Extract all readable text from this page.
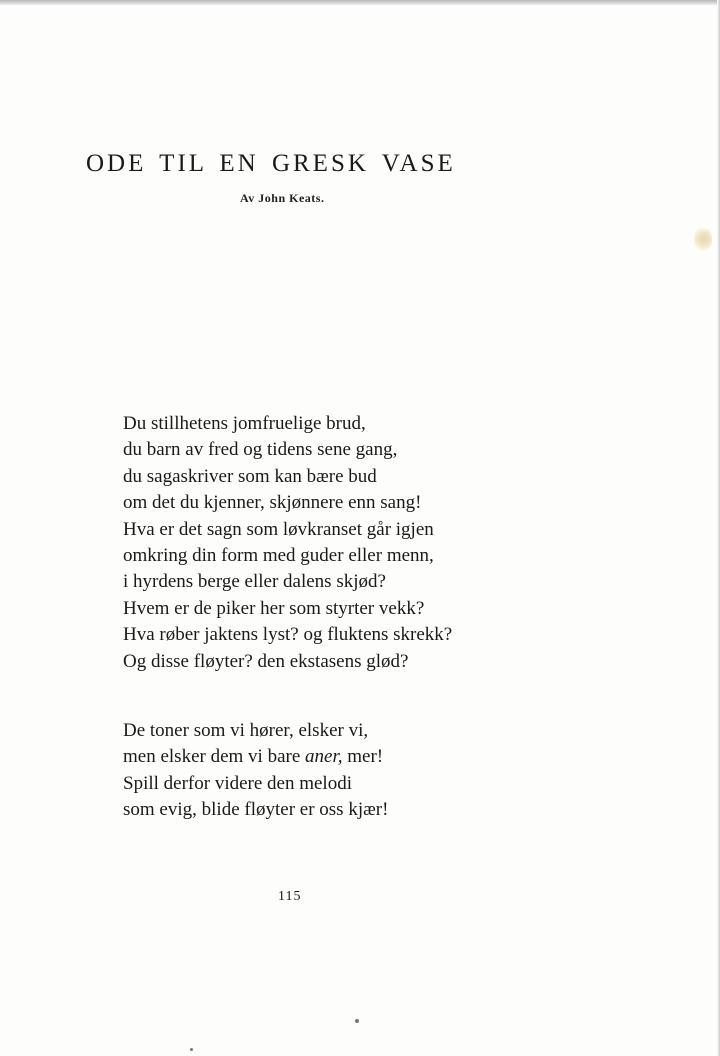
ODE TIL EN GRESK VASE
Av John Keats.
Du stillhetens jomfruelige brud,
du barn av fred og tidens sene gang,
du sagaskriver som kan bære bud
om det du kjenner, skjønnere enn sang!
Hva er det sagn som løvkranset går igjen
omkring din form med guder eller menn,
i hyrdens berge eller dalens skjød?
Hvem er de piker her som styrter vekk?
Hva røber jaktens lyst? og fluktens skrekk?
Og disse fløyter? den ekstasens glød?
De toner som vi hører, elsker vi,
men elsker dem vi bare aner, mer!
Spill derfor videre den melodi
som evig, blide fløyter er oss kjær!
115
